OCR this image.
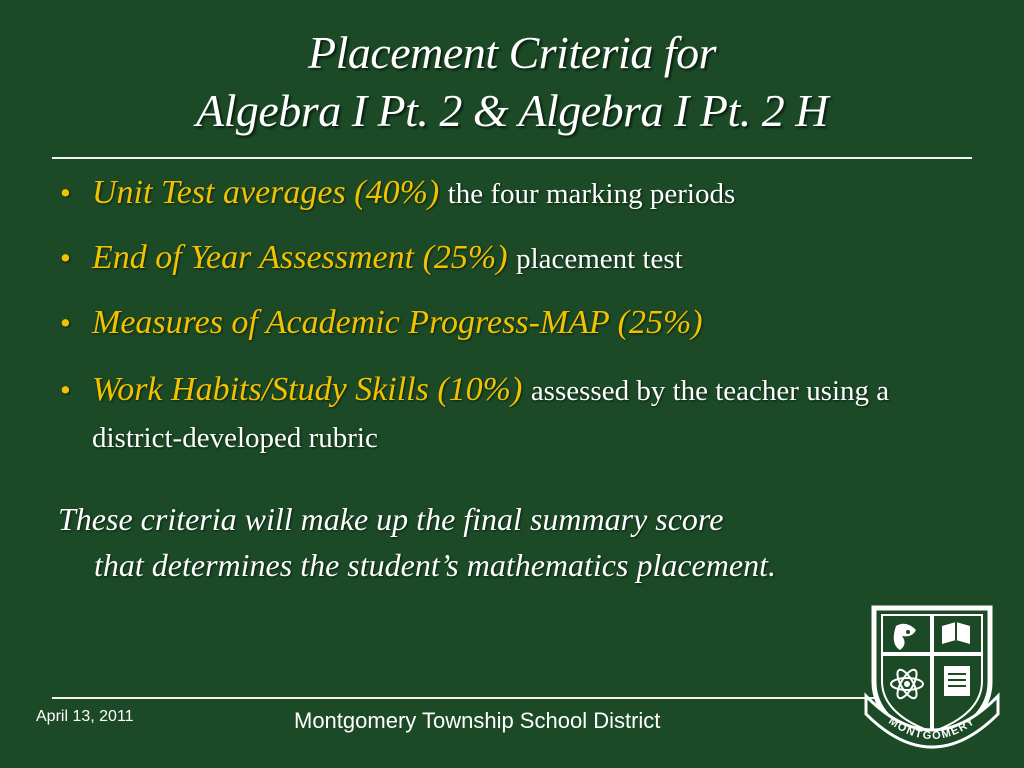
Placement Criteria for
Algebra I Pt. 2 & Algebra I Pt. 2 H
• Unit Test averages (40%) the four marking periods
• End of Year Assessment (25%) placement test
• Measures of Academic Progress-MAP (25%)
• Work Habits/Study Skills (10%) assessed by the teacher using a district-developed rubric
These criteria will make up the final summary score
that determines the student’s mathematics placement.
April 13, 2011	Montgomery Township School District	MONTGOMERY
